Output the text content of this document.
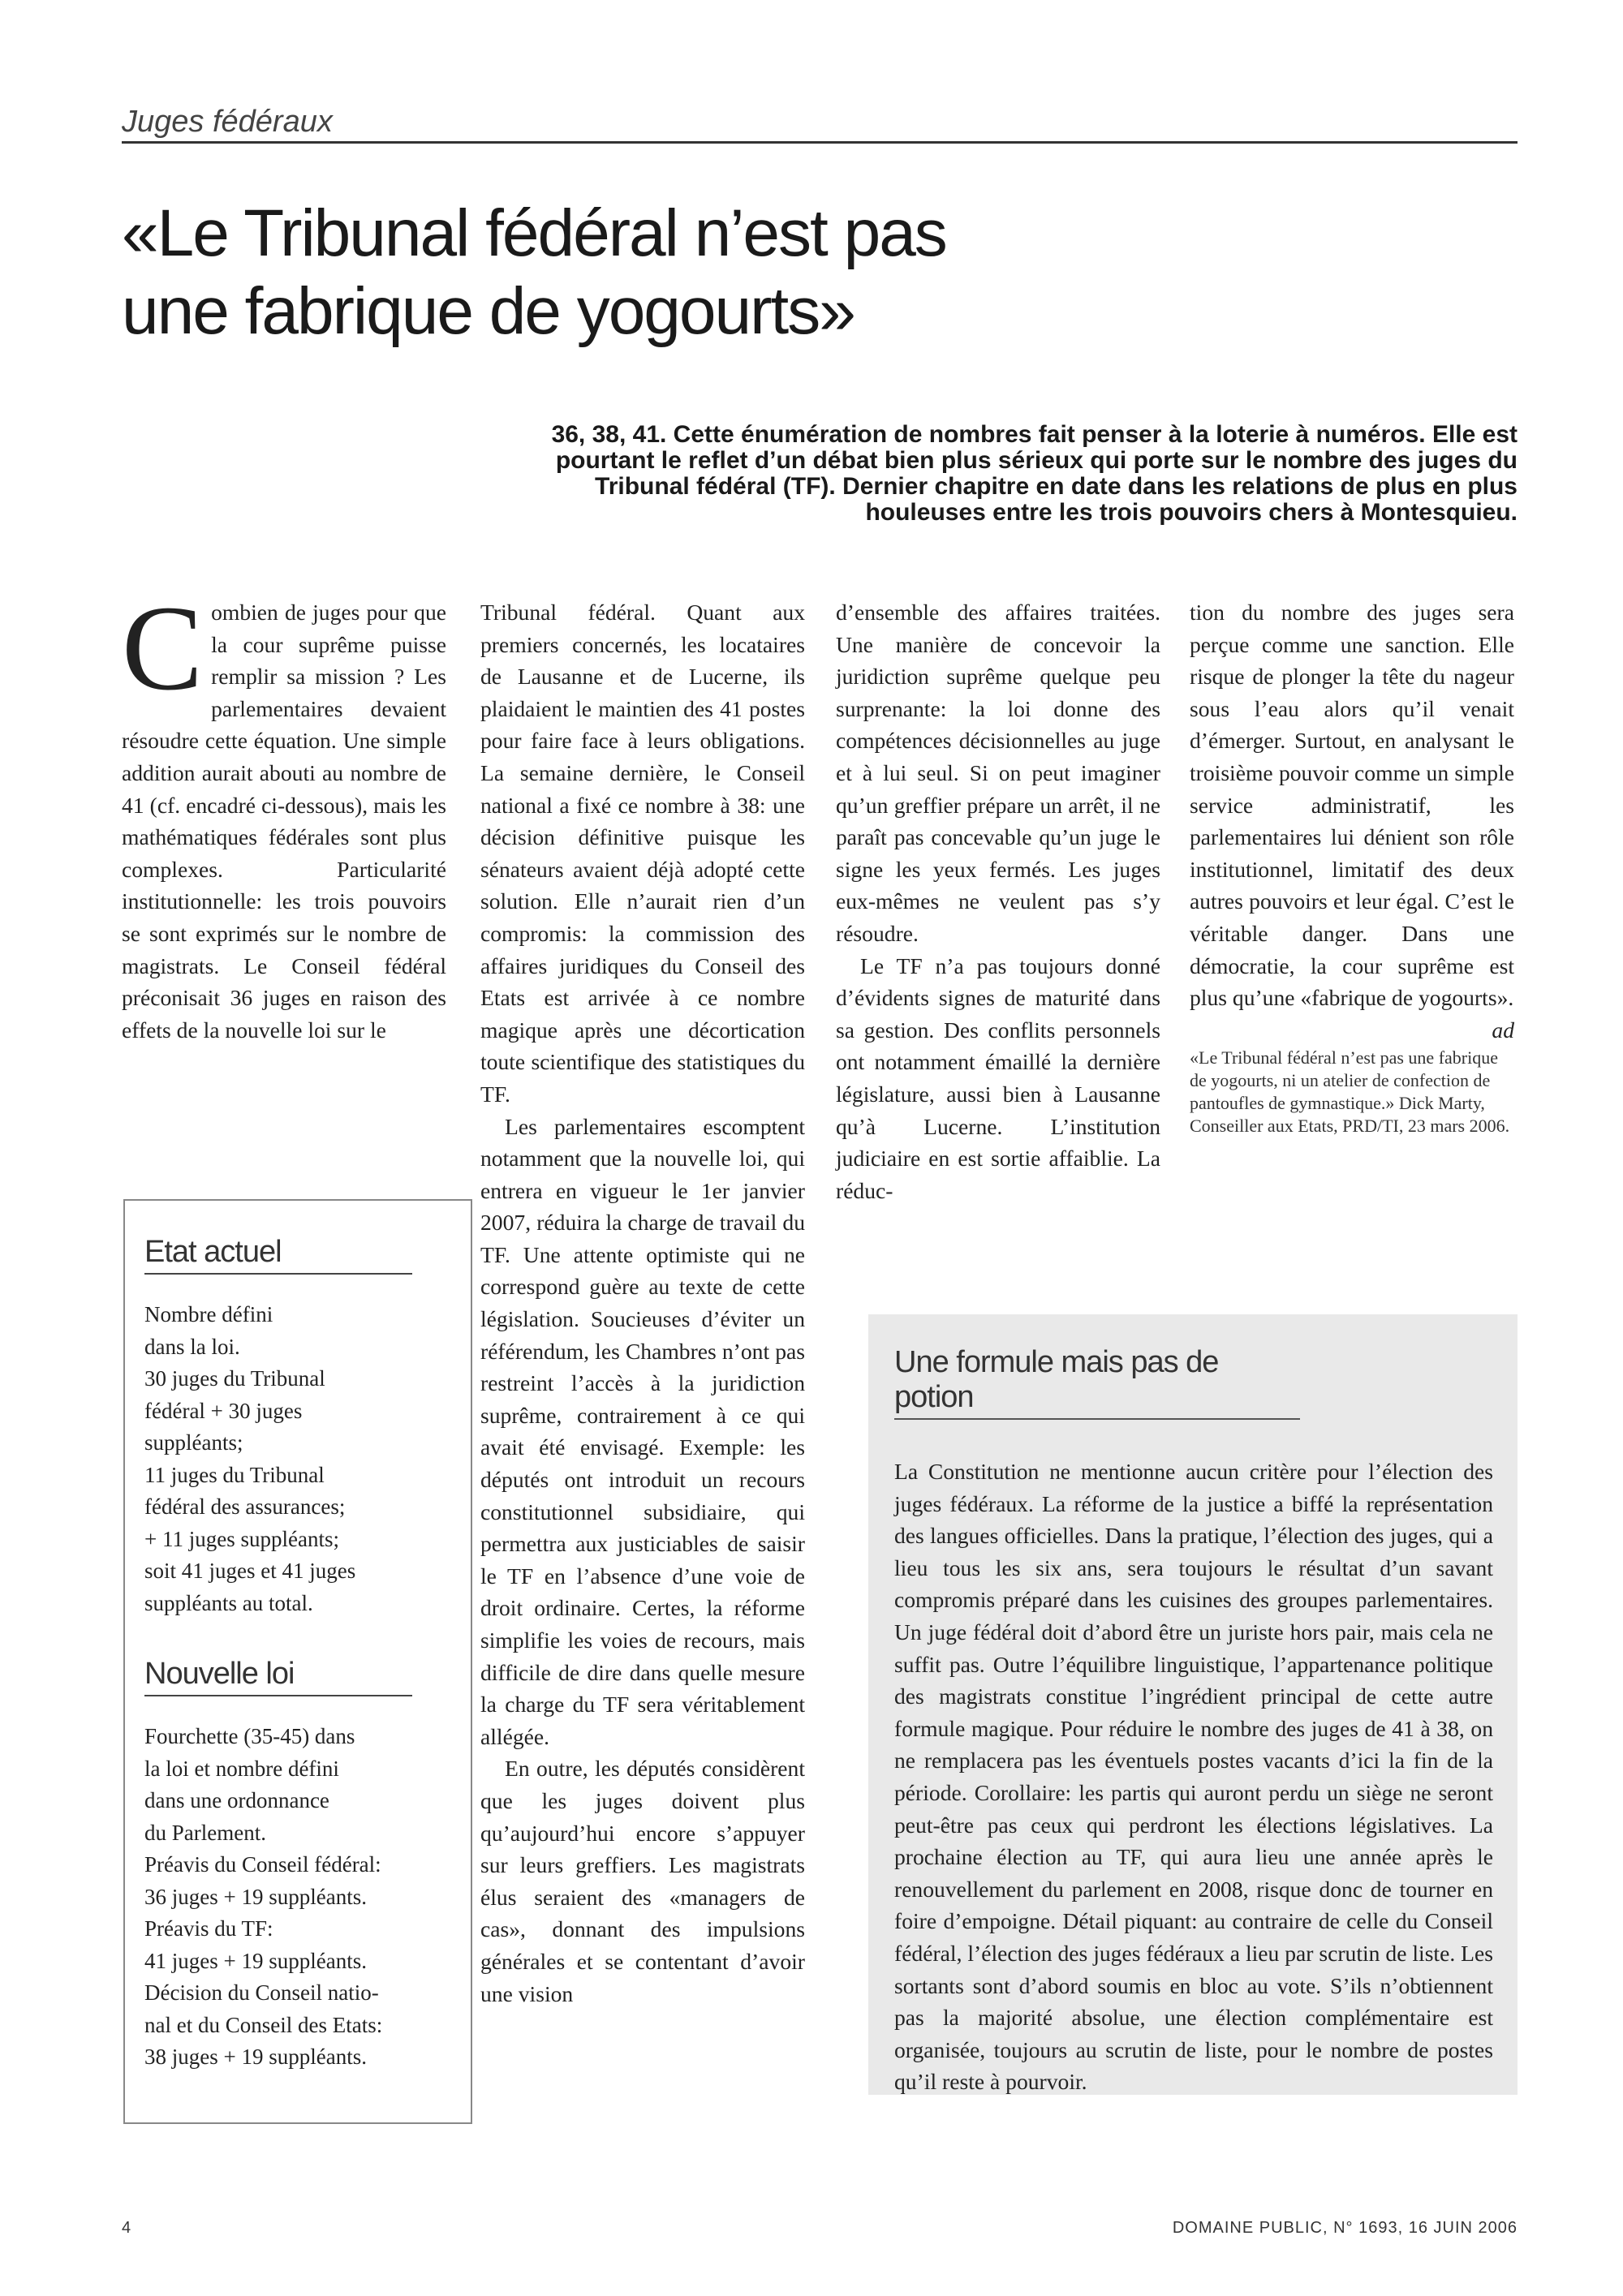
Juges fédéraux
«Le Tribunal fédéral n’est pas
une fabrique de yogourts»

36, 38, 41. Cette énumération de nombres fait penser à la loterie à numéros. Elle est pourtant le reflet d’un débat bien plus sérieux qui porte sur le nombre des juges du Tribunal fédéral (TF). Dernier chapitre en date dans les relations de plus en plus houleuses entre les trois pouvoirs chers à Montesquieu.

Combien de juges pour que la cour suprême puisse remplir sa mission ? Les parlementaires devaient résoudre cette équation. Une simple addition aurait abouti au nombre de 41 (cf. encadré ci-dessous), mais les mathématiques fédérales sont plus complexes. Particularité institutionnelle: les trois pouvoirs se sont exprimés sur le nombre de magistrats. Le Conseil fédéral préconisait 36 juges en raison des effets de la nouvelle loi sur le

Tribunal fédéral. Quant aux premiers concernés, les locataires de Lausanne et de Lucerne, ils plaidaient le maintien des 41 postes pour faire face à leurs obligations. La semaine dernière, le Conseil national a fixé ce nombre à 38: une décision définitive puisque les sénateurs avaient déjà adopté cette solution. Elle n’aurait rien d’un compromis: la commission des affaires juridiques du Conseil des Etats est arrivée à ce nombre magique après une décortication toute scientifique des statistiques du TF.

Les parlementaires escomptent notamment que la nouvelle loi, qui entrera en vigueur le 1er janvier 2007, réduira la charge de travail du TF. Une attente optimiste qui ne correspond guère au texte de cette législation. Soucieuses d’éviter un référendum, les Chambres n’ont pas restreint l’accès à la juridiction suprême, contrairement à ce qui avait été envisagé. Exemple: les députés ont introduit un recours constitutionnel subsidiaire, qui permettra aux justiciables de saisir le TF en l’absence d’une voie de droit ordinaire. Certes, la réforme simplifie les voies de recours, mais difficile de dire dans quelle mesure la charge du TF sera véritablement allégée.

En outre, les députés considèrent que les juges doivent plus qu’aujourd’hui encore s’appuyer sur leurs greffiers. Les magistrats élus seraient des «managers de cas», donnant des impulsions générales et se contentant d’avoir une vision

d’ensemble des affaires traitées. Une manière de concevoir la juridiction suprême quelque peu surprenante: la loi donne des compétences décisionnelles au juge et à lui seul. Si on peut imaginer qu’un greffier prépare un arrêt, il ne paraît pas concevable qu’un juge le signe les yeux fermés. Les juges eux-mêmes ne veulent pas s’y résoudre.

Le TF n’a pas toujours donné d’évidents signes de maturité dans sa gestion. Des conflits personnels ont notamment émaillé la dernière législature, aussi bien à Lausanne qu’à Lucerne. L’institution judiciaire en est sortie affaiblie. La réduc-

tion du nombre des juges sera perçue comme une sanction. Elle risque de plonger la tête du nageur sous l’eau alors qu’il venait d’émerger. Surtout, en analysant le troisième pouvoir comme un simple service administratif, les parlementaires lui dénient son rôle institutionnel, limitatif des deux autres pouvoirs et leur égal. C’est le véritable danger. Dans une démocratie, la cour suprême est plus qu’une «fabrique de yogourts».
ad

«Le Tribunal fédéral n’est pas une fabrique de yogourts, ni un atelier de confection de pantoufles de gymnastique.» Dick Marty, Conseiller aux Etats, PRD/TI, 23 mars 2006.
Etat actuel
Nombre défini
dans la loi.
30 juges du Tribunal
fédéral + 30 juges
suppléants;
11 juges du Tribunal
fédéral des assurances;
+ 11 juges suppléants;
soit 41 juges et 41 juges
suppléants au total.
Nouvelle loi
Fourchette (35-45) dans
la loi et nombre défini
dans une ordonnance
du Parlement.
Préavis du Conseil fédéral:
36 juges + 19 suppléants.
Préavis du TF:
41 juges + 19 suppléants.
Décision du Conseil natio-
nal et du Conseil des Etats:
38 juges + 19 suppléants.
Une formule mais pas de potion

La Constitution ne mentionne aucun critère pour l’élection des juges fédéraux. La réforme de la justice a biffé la représentation des langues officielles. Dans la pratique, l’élection des juges, qui a lieu tous les six ans, sera toujours le résultat d’un savant compromis préparé dans les cuisines des groupes parlementaires. Un juge fédéral doit d’abord être un juriste hors pair, mais cela ne suffit pas. Outre l’équilibre linguistique, l’appartenance politique des magistrats constitue l’ingrédient principal de cette autre formule magique. Pour réduire le nombre des juges de 41 à 38, on ne remplacera pas les éventuels postes vacants d’ici la fin de la période. Corollaire: les partis qui auront perdu un siège ne seront peut-être pas ceux qui perdront les élections législatives. La prochaine élection au TF, qui aura lieu une année après le renouvellement du parlement en 2008, risque donc de tourner en foire d’empoigne. Détail piquant: au contraire de celle du Conseil fédéral, l’élection des juges fédéraux a lieu par scrutin de liste. Les sortants sont d’abord soumis en bloc au vote. S’ils n’obtiennent pas la majorité absolue, une élection complémentaire est organisée, toujours au scrutin de liste, pour le nombre de postes qu’il reste à pourvoir.

4	DOMAINE PUBLIC, N° 1693, 16 JUIN 2006
